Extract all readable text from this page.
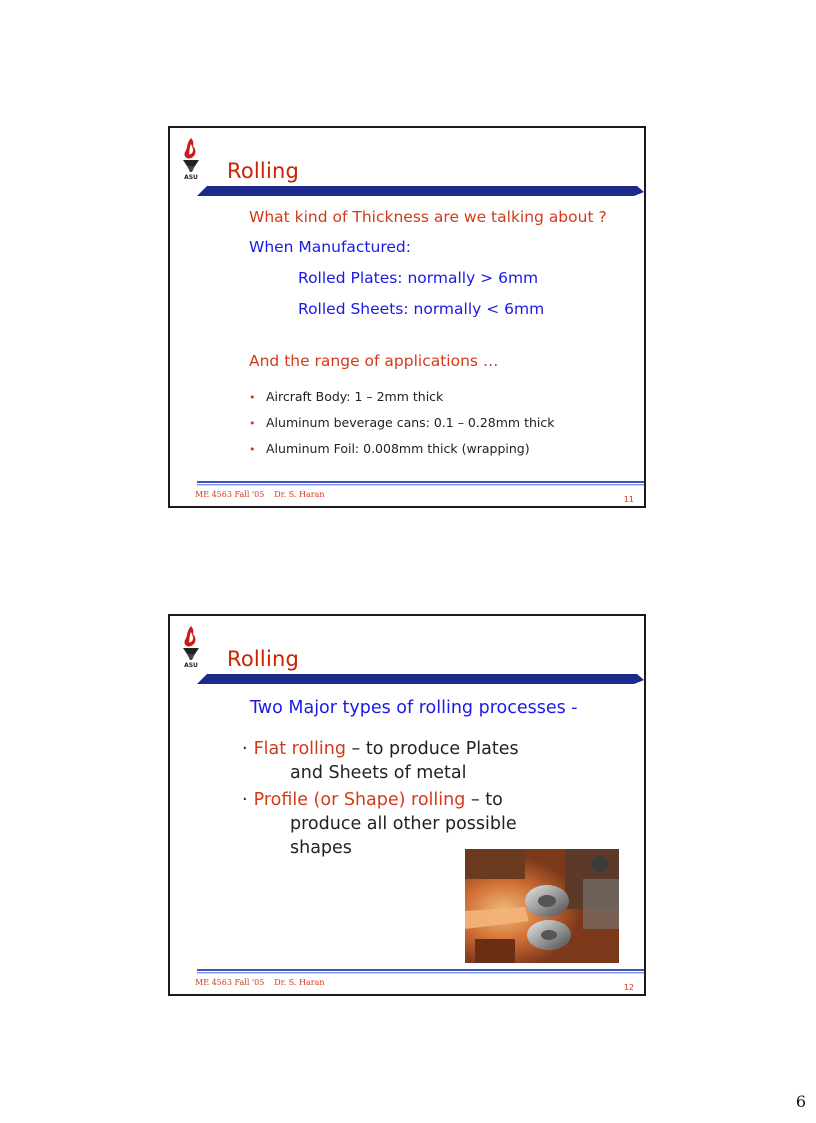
ASU Rolling
What kind of Thickness are we talking about ?
When Manufactured:
Rolled Plates: normally > 6mm
Rolled Sheets: normally < 6mm
And the range of applications …
• Aircraft Body: 1 – 2mm thick
• Aluminum beverage cans: 0.1 – 0.28mm thick
• Aluminum Foil: 0.008mm thick (wrapping)
ME 4563 Fall '05 Dr. S. Haran
11
ASU Rolling
Two Major types of rolling processes -
· Flat rolling – to produce Plates
and Sheets of metal
· Profile (or Shape) rolling – to
produce all other possible
shapes
ME 4563 Fall '05 Dr. S. Haran
12
6
